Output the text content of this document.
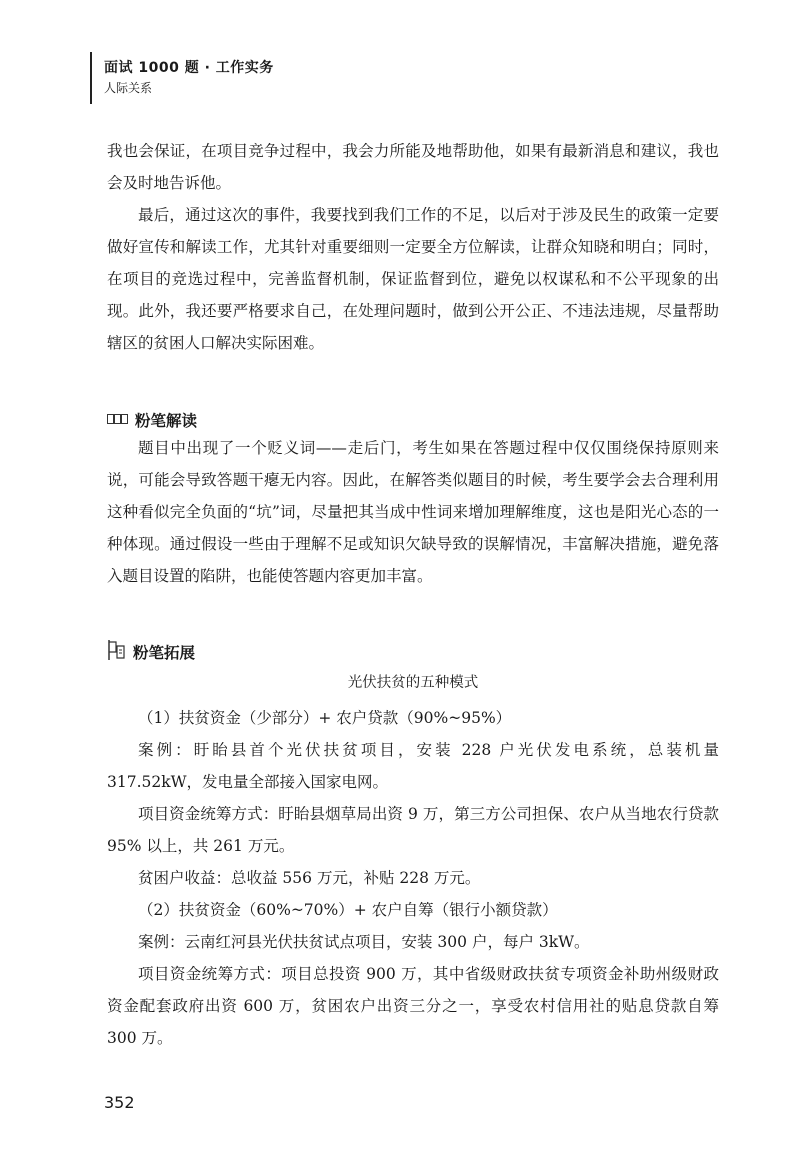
面试 1000 题 · 工作实务
人际关系

我也会保证，在项目竞争过程中，我会力所能及地帮助他，如果有最新消息和建议，我也会及时地告诉他。

最后，通过这次的事件，我要找到我们工作的不足，以后对于涉及民生的政策一定要做好宣传和解读工作，尤其针对重要细则一定要全方位解读，让群众知晓和明白；同时，在项目的竞选过程中，完善监督机制，保证监督到位，避免以权谋私和不公平现象的出现。此外，我还要严格要求自己，在处理问题时，做到公开公正、不违法违规，尽量帮助辖区的贫困人口解决实际困难。

粉笔解读

题目中出现了一个贬义词——走后门，考生如果在答题过程中仅仅围绕保持原则来说，可能会导致答题干瘪无内容。因此，在解答类似题目的时候，考生要学会去合理利用这种看似完全负面的“坑”词，尽量把其当成中性词来增加理解维度，这也是阳光心态的一种体现。通过假设一些由于理解不足或知识欠缺导致的误解情况，丰富解决措施，避免落入题目设置的陷阱，也能使答题内容更加丰富。

粉笔拓展
光伏扶贫的五种模式

（1）扶贫资金（少部分）+ 农户贷款（90%~95%）

案例：盱眙县首个光伏扶贫项目，安装 228 户光伏发电系统，总装机量 317.52kW，发电量全部接入国家电网。

项目资金统筹方式：盱眙县烟草局出资 9 万，第三方公司担保、农户从当地农行贷款 95% 以上，共 261 万元。

贫困户收益：总收益 556 万元，补贴 228 万元。

（2）扶贫资金（60%~70%）+ 农户自筹（银行小额贷款）

案例：云南红河县光伏扶贫试点项目，安装 300 户，每户 3kW。

项目资金统筹方式：项目总投资 900 万，其中省级财政扶贫专项资金补助州级财政资金配套政府出资 600 万，贫困农户出资三分之一，享受农村信用社的贴息贷款自筹 300 万。

352
